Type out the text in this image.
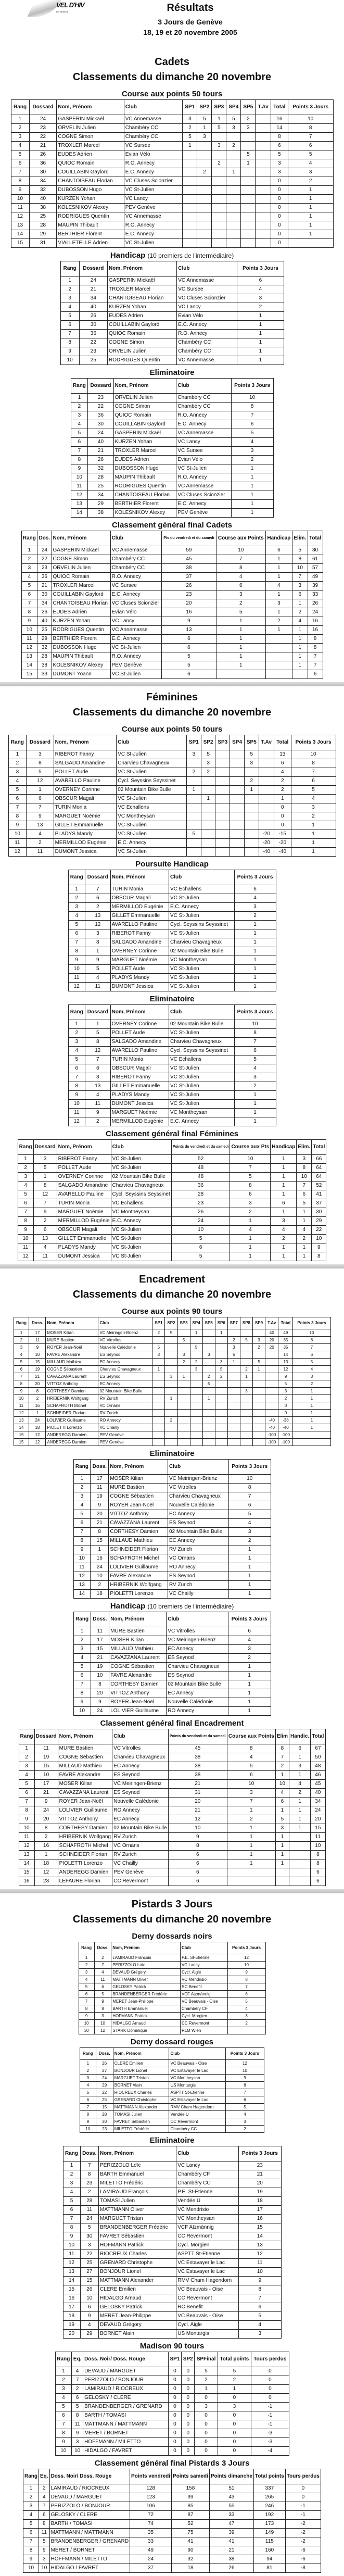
VEL D'HIV
DE GENÈVE	Résultats
3 Jours de Genève
18, 19 et 20 novembre 2005
Cadets
Classements du dimanche 20 novembre
Course aux points 50 tours
Rang	Dossard	Nom, Prénom	Club	SP1	SP2	SP3	SP4	SP5	T.Av	Total	Points 3 Jours
1	24	GASPERIN Mickaël	VC Annemasse	3	5	1	5	2		16	10
2	23	ORVELIN Julien	Chambéry CC	2	1	5	3	3		14	8
3	22	COGNE Simon	Chambéry CC	5	3					8	7
4	21	TROXLER Marcel	VC Sursee	1		3	2			6	6
5	26	EUDES Adrien	Evian Vélo					5		5	5
6	36	QUIOC Romain	R.O. Annecy			2		1		3	4
7	30	COUILLABIN Gaylord	E.C. Annecy		2		1			3	3
8	34	CHANTOISEAU Florian	VC Cluses Scionzier							0	2
9	32	DUBOSSON Hugo	VC St-Julien							0	1
10	40	KURZEN Yohan	VC Lancy							0	1
11	38	KOLESNIKOV Alexey	PEV Genève							0	1
12	25	RODRIGUES Quentin	VC Annemasse							0	1
13	28	MAUPIN Thibault	R.O. Annecy							0	1
14	29	BERTHIER Florent	E.C. Annecy							0	1
15	31	VIALLETELLE Adrien	VC St-Julien							0	
Handicap (10 premiers de l'intermédiaire)
Rang	Dossard	Nom, Prénom	Club	Points 3 Jours
1	24	GASPERIN Mickaël	VC Annemasse	6
2	21	TROXLER Marcel	VC Sursee	4
3	34	CHANTOISEAU Florian	VC Cluses Scionzier	3
4	40	KURZEN Yohan	VC Lancy	2
5	26	EUDES Adrien	Evian Vélo	1
6	30	COUILLABIN Gaylord	E.C. Annecy	1
7	36	QUIOC Romain	R.O. Annecy	1
8	22	COGNE Simon	Chambéry CC	1
9	23	ORVELIN Julien	Chambéry CC	1
10	25	RODRIGUES Quentin	VC Annemasse	1
Eliminatoire
Rang	Dossard	Nom, Prénom	Club	Points 3 Jours
1	23	ORVELIN Julien	Chambéry CC	10
2	22	COGNE Simon	Chambéry CC	8
3	36	QUIOC Romain	R.O. Annecy	7
4	30	COUILLABIN Gaylord	E.C. Annecy	6
5	24	GASPERIN Mickaël	VC Annemasse	5
6	40	KURZEN Yohan	VC Lancy	4
7	21	TROXLER Marcel	VC Sursee	3
8	26	EUDES Adrien	Evian Vélo	2
9	32	DUBOSSON Hugo	VC St-Julien	1
10	28	MAUPIN Thibault	R.O. Annecy	1
11	25	RODRIGUES Quentin	VC Annemasse	1
12	34	CHANTOISEAU Florian	VC Cluses Scionzier	1
13	29	BERTHIER Florent	E.C. Annecy	1
14	38	KOLESNIKOV Alexey	PEV Genève	1
Classement général final Cadets
Rang	Dos.	Nom, Prénom	Club	Pts du vendredi et du samedi	Course aux Points	Handicap	Elim.	Total
1	24	GASPERIN Mickaël	VC Annemasse	59	10	6	5	80
2	22	COGNE Simon	Chambéry CC	45	7	1	8	61
3	23	ORVELIN Julien	Chambéry CC	38	8	1	10	57
4	36	QUIOC Romain	R.O. Annecy	37	4	1	7	49
5	21	TROXLER Marcel	VC Sursee	26	6	4	3	39
6	30	COUILLABIN Gaylord	E.C. Annecy	23	3	1	6	33
7	34	CHANTOISEAU Florian	VC Cluses Scionzier	20	2	3	1	26
8	26	EUDES Adrien	Evian Vélo	16	5	1	2	24
9	40	KURZEN Yohan	VC Lancy	9	1	2	4	16
10	25	RODRIGUES Quentin	VC Annemasse	13	1	1	1	16
11	29	BERTHIER Florent	E.C. Annecy	6	1		1	8
12	32	DUBOSSON Hugo	VC St-Julien	6	1		1	8
13	28	MAUPIN Thibault	R.O. Annecy	5	1		1	7
14	38	KOLESNIKOV Alexey	PEV Genève	5	1		1	7
15	33	DUMONT Yoann	VC St-Julien	6				6
Féminines
Classements du dimanche 20 novembre
Course aux points 50 tours
Rang	Dossard	Nom, Prénom	Club	SP1	SP2	SP3	SP4	SP5	T.Av	Total	Points 3 Jours
1	3	RIBEROT Fanny	VC St-Julien	3	5			5		13	10
2	8	SALGADO Amandine	Charvieu Chavagneux		3			3		6	8
3	5	POLLET Aude	VC St-Julien	2	2					4	7
4	12	AVARELLO Pauline	Cycl. Seyssins Seyssinet					2		2	6
5	1	OVERNEY Corinne	02 Mountain Bike Bulle	1				1		2	5
6	6	OBSCUR Magali	VC St-Julien		1					1	4
7	7	TURIN Monia	VC Echallens							0	3
8	9	MARGUET Noémie	VC Montheysan							0	2
9	13	GILLET Emmanuelle	VC St-Julien							0	1
10	4	PLADYS Mandy	VC St-Julien	5					-20	-15	1
11	2	MERMILLOD Eugénie	E.C. Annecy						-20	-20	1
12	11	DUMONT Jessica	VC St-Julien						-40	-40	1
Poursuite Handicap
Rang	Dossard	Nom, Prénom	Club	Points 3 Jours
1	7	TURIN Monia	VC Echallens	6
2	6	OBSCUR Magali	VC St-Julien	4
3	2	MERMILLOD Eugénie	E.C. Annecy	3
4	13	GILLET Emmanuelle	VC St-Julien	2
5	12	AVARELLO Pauline	Cycl. Seyssins Seyssinet	1
6	3	RIBEROT Fanny	VC St-Julien	1
7	8	SALGADO Amandine	Charvieu Chavagneux	1
8	1	OVERNEY Corinne	02 Mountain Bike Bulle	1
9	9	MARGUET Noémie	VC Montheysan	1
10	5	POLLET Aude	VC St-Julien	1
11	4	PLADYS Mandy	VC St-Julien	1
12	11	DUMONT Jessica	VC St-Julien	1
Eliminatoire
Rang	Dossard	Nom, Prénom	Club	Points 3 Jours
1	1	OVERNEY Corinne	02 Mountain Bike Bulle	10
2	5	POLLET Aude	VC St-Julien	8
3	8	SALGADO Amandine	Charvieu Chavagneux	7
4	12	AVARELLO Pauline	Cycl. Seyssins Seyssinet	6
5	7	TURIN Monia	VC Echallens	5
6	6	OBSCUR Magali	VC St-Julien	4
7	3	RIBEROT Fanny	VC St-Julien	3
8	13	GILLET Emmanuelle	VC St-Julien	2
9	4	PLADYS Mandy	VC St-Julien	1
10	11	DUMONT Jessica	VC St-Julien	1
11	9	MARGUET Noémie	VC Montheysan	1
12	2	MERMILLOD Eugénie	E.C. Annecy	1
Classement général final Féminines
Rang	Dossard	Nom, Prénom	Club	Points du vendredi et du samedi	Course aux Pts	Handicap	Elim.	Total
1	3	RIBEROT Fanny	VC St-Julien	52	10	1	3	66
2	5	POLLET Aude	VC St-Julien	48	7	1	8	64
3	1	OVERNEY Corinne	02 Mountain Bike Bulle	48	5	1	10	64
4	8	SALGADO Amandine	Charvieu Chavagneux	36	8	1	7	52
5	12	AVARELLO Pauline	Cycl. Seyssins Seyssinet	28	6	1	6	41
6	7	TURIN Monia	VC Echallens	23	3	6	5	37
7	9	MARGUET Noémie	VC Montheysan	26	2	1	1	30
8	2	MERMILLOD Eugénie	E.C. Annecy	24	1	3	1	29
9	6	OBSCUR Magali	VC St-Julien	10	4	4	4	22
10	13	GILLET Emmanuelle	VC St-Julien	5	1	2	2	10
11	4	PLADYS Mandy	VC St-Julien	6	1	1	1	9
12	11	DUMONT Jessica	VC St-Julien	5	1	1	1	8
Encadrement
Classements du dimanche 20 novembre
Course aux points 90 tours
Rang	Doss.	Nom, Prénom	Club	SP1	SP2	SP3	SP4	SP5	SP6	SP7	SP8	SP9	T.Av	Total	Points 3 Jours
1	17	MOSER Kilian	VC Meiringen-Brienz	2	5		1		1				40	49	10
2	11	MURE Bastien	VC Vitrolles			5				2	5	3	20	35	8
3	9	ROYER Jean-Noël	Nouvelle Calédonie	5			5			3		2	20	35	7
4	10	FAVRE Alexandre	ES Seynod	3		3		3		5				14	6
5	15	MILLAUD Mathieu	EC Annecy			2	2		3	1		5		13	5
6	19	COGNE Sébastien	Charvieu Chavagneux	1			3		5		2	1		12	4
7	21	CAVAZZANA Laurent	ES Seynod		3	1		2	2		1			9	3
8	20	VITTOZ Anthony	EC Annecy					5						5	2
9	8	CORTHESY Damien	02 Mountain Bike Bulle								3			3	1
10	2	HRIBERNIK Wolfgang	RV Zurich		1			1						2	1
11	16	SCHAFROTH Michel	VC Ornans											0	1
12	1	SCHNEIDER Florian	RV Zurich											0	1
13	24	LOLIVIER Guillaume	RO Annecy		2								-40	-38	1
14	18	PIOLETTI Lorenzo	VC Chailly										-40	-40	1
15	12	ANDEREGG Damien	PEV Genève										-100	-100	
15	12	ANDEREGG Damien	PEV Genève										-100	-100	
Eliminatoire
Rang	Doss.	Nom, Prénom	Club	Points 3 Jours
1	17	MOSER Kilian	VC Meiringen-Brienz	10
2	11	MURE Bastien	VC Vitrolles	8
3	19	COGNE Sébastien	Charvieu Chavagneux	7
4	9	ROYER Jean-Noël	Nouvelle Calédonie	6
5	20	VITTOZ Anthony	EC Annecy	5
6	21	CAVAZZANA Laurent	ES Seynod	4
7	8	CORTHESY Damien	02 Mountain Bike Bulle	3
8	15	MILLAUD Mathieu	EC Annecy	2
9	1	SCHNEIDER Florian	RV Zurich	1
10	16	SCHAFROTH Michel	VC Ornans	1
11	24	LOLIVIER Guillaume	RO Annecy	1
12	10	FAVRE Alexandre	ES Seynod	1
13	2	HRIBERNIK Wolfgang	RV Zurich	1
14	18	PIOLETTI Lorenzo	VC Chailly	1
Handicap (10 premiers de l'intermédiaire)
Rang	Doss.	Nom, Prénom	Club	Points 3 Jours
1	11	MURE Bastien	VC Vitrolles	6
2	17	MOSER Kilian	VC Meiringen-Brienz	4
3	15	MILLAUD Mathieu	EC Annecy	3
4	21	CAVAZZANA Laurent	ES Seynod	2
5	19	COGNE Sébastien	Charvieu Chavagneux	1
6	10	FAVRE Alexandre	ES Seynod	1
7	8	CORTHESY Damien	02 Mountain Bike Bulle	1
8	20	VITTOZ Anthony	EC Annecy	1
9	9	ROYER Jean-Noël	Nouvelle Calédonie	1
10	24	LOLIVIER Guillaume	RO Annecy	1
Classement général final Encadrement
Rang	Dossard	Nom, Prénom	Club	Points du vendredi et du samedi	Course aux Points	Elim	Handic.	Total
1	11	MURE Bastien	VC Vitrolles	45	8	8	6	67
2	19	COGNE Sébastien	Charvieu Chavagneux	38	4	7	1	50
3	15	MILLAUD Mathieu	EC Annecy	38	5	2	3	48
4	10	FAVRE Alexandre	ES Seynod	38	6	1	1	46
5	17	MOSER Kilian	VC Meiringen-Brienz	21	10	10	4	45
6	21	CAVAZZANA Laurent	ES Seynod	31	3	4	2	40
7	9	ROYER Jean-Noël	Nouvelle Calédonie	20	7	6	1	34
8	24	LOLIVIER Guillaume	RO Annecy	21	1	1	1	24
9	20	VITTOZ Anthony	EC Annecy	12	2	5	1	20
10	8	CORTHESY Damien	02 Mountain Bike Bulle	10	1	3	1	15
11	2	HRIBERNIK Wolfgang	RV Zurich	9	1	1		11
12	16	SCHAFROTH Michel	VC Ornans	8	1	1		10
13	1	SCHNEIDER Florian	RV Zurich	6	1	1		8
14	18	PIOLETTI Lorenzo	VC Chailly	6	1	1		8
15	12	ANDEREGG Damien	PEV Genève	6				6
16	23	LEFAURE Florian	CC Revermont	6				6
Pistards 3 Jours
Classements du dimanche 20 novembre
Derny dossards noirs
Rang	Doss.	Nom, Prénom	Club	Points 3 Jours
1	2	LAMIRAUD François	P.E. St-Etienne	12
2	7	PERIZZOLO Loïc	VC Lancy	10
3	4	DEVAUD Grégory	Cycl. Aigle	9
4	11	MATTMANN Oliver	VC Mendrisio	8
5	6	GELOSKY Patrick	RC Benefit	7
6	5	BRANDENBERGER Frédéric	VCF Atzmännig	6
7	9	MERET Jean-Philippe	VC Beauvais - Oise	5
8	8	BARTH Emmanuel	Chambéry CF	4
9	3	HOFMANN Patrick	Cycl. Morgien	3
10	10	HIDALGO Arnaud	CC Revermont	2
30	12	STARK Dominique	RLM Wien	
Derny dossard rouges
Rang	Doss.	Nom, Prénom	Club	Points 3 Jours
1	26	CLERE Emilien	VC Beauvais - Oise	12
2	27	BONJOUR Lionel	VC Estavayer le Lac	10
3	24	MARGUET Tristan	VC Montheysan	9
4	29	BORNET Alain	US Montargis	8
5	22	RIOCREUX Charles	ASPTT St-Etienne	7
6	25	GRENARD Christophe	VC Estavayer le Lac	6
7	15	MATTMANN Alexander	RMV Cham Hagendorn	5
8	28	TOMASI Julien	Vendée U	4
9	30	FAVRET Sébastien	CC Revermont	3
10	23	MILETTO Frédéric	Chambéry CC	2
Eliminatoire
Rang	Doss.	Nom, Prénom	Club	Points 3 Jours
1	7	PERIZZOLO Loïc	VC Lancy	23
2	8	BARTH Emmanuel	Chambéry CF	21
3	23	MILETTO Frédéric	Chambéry CC	20
4	2	LAMIRAUD François	P.E. St-Etienne	19
5	28	TOMASI Julien	Vendée U	18
6	11	MATTMANN Oliver	VC Mendrisio	17
7	24	MARGUET Tristan	VC Montheysan	16
8	5	BRANDENBERGER Frédéric	VCF Atzmännig	15
9	30	FAVRET Sébastien	CC Revermont	14
10	3	HOFMANN Patrick	Cycl. Morgien	13
11	22	RIOCREUX Charles	ASPTT St-Etienne	12
12	25	GRENARD Christophe	VC Estavayer le Lac	11
13	27	BONJOUR Lionel	VC Estavayer le Lac	10
14	15	MATTMANN Alexander	RMV Cham Hagendorn	9
15	26	CLERE Emilien	VC Beauvais - Oise	8
16	10	HIDALGO Arnaud	CC Revermont	7
17	6	GELOSKY Patrick	RC Benefit	6
18	9	MERET Jean-Philippe	VC Beauvais - Oise	5
19	4	DEVAUD Grégory	Cycl. Aigle	4
20	29	BORNET Alain	US Montargis	3
Madison 90 tours
Rang	Eq.	Doss. Noir/ Doss. Rouge	SP1	SP2	SPFinal	Total points	Tours perdus
1	4	DEVAUD / MARGUET	0	0	5	5	0
2	7	PERIZZOLO / BONJOUR	0	0	2	2	0
3	2	LAMIRAUD / RIOCREUX	0	0	1	1	0
4	6	GELOSKY / CLERE	0	0	0	0	0
5	5	BRANDENBERGER / GRENARD	0	0	3	3	-1
6	8	BARTH / TOMASI	0	0	0	0	-1
7	11	MATTMANN / MATTMANN	0	0	0	0	-1
8	9	MERET / BORNET	0	0	0	0	-3
9	3	HOFFMANN / MILETTO	0	0	0	0	-3
10	10	HIDALGO / FAVRET	0	0	0	0	-4
Classement général final Pistards 3 Jours
Rang	Eq.	Doss. Noir/ Doss. Rouge	Points vendredi	Points samedi	Points dimanche	Total points	Tours perdus
1	2	LAMIRAUD / RIOCREUX	128	158	51	337	0
2	4	DEVAUD / MARGUET	123	99	43	265	0
3	7	PERIZZOLO / BONJOUR	106	85	55	246	-1
4	6	GELOSKY / CLERE	72	87	33	192	-1
5	8	BARTH / TOMASI	74	52	47	173	-2
6	11	MATTMANN / MATTMANN	35	75	39	149	-2
7	5	BRANDENBERGER / GRENARD	33	41	41	115	-2
8	9	MERET / BORNET	49	90	21	160	-6
9	3	HOFFMANN / MILETTO	24	32	38	94	-6
10	10	HIDALGO / FAVRET	37	18	26	81	-8
